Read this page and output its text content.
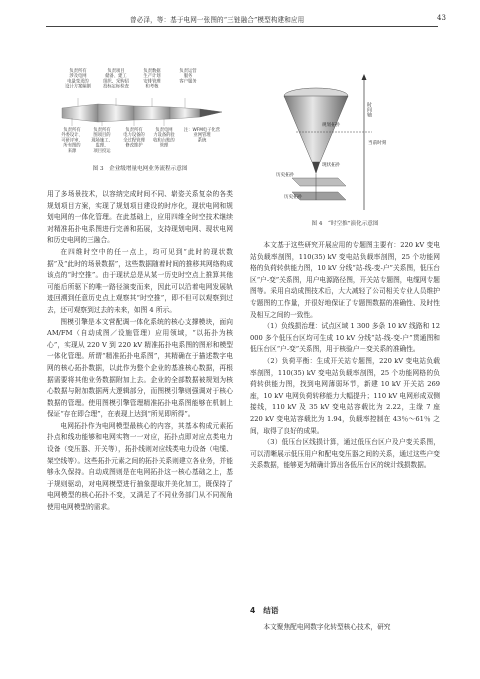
曾必泽，等：基于电网一张图的“三链融合”模型构建和应用	43
负责所有涉及电网电量变更的设计方案编制
负责项目储备、建工组织、采购招投标定标检查
负责数据生产计划安排管理和考核
负责运营服务客户服务
负责所有外委设计、可研评审、所有图的来源
负责所有图项目的现场施工、监理、项目投运
负责所有电力设备的全过程管理修改维护
负责电网力设备的验收和台账的管理
注：WFM电子化营业网管理系统
图 3　企业级增量电网业务流程示意图
时间轴
规划拓扑
当前时刻
历史拓扑
现状拓扑
历史拓扑
图 4　“时空推”演化示意图

用了多场景技术，以容纳完成时间不同、崭姿关系复杂的各类规划项目方案，实现了规划项目建设的时序化，现状电网和规划电网的一体化管理。在此基础上，应用四维全时空技术继续对精准拓扑电系图进行完善和拓展，支持现划电网、现状电网和历史电网的三融合。

在四维时空中的任一点上，均可见到“此时的现状数据”及“此时的场景数据”，这些数据随着时间的推移其网络构成该点的“时空推”。由于现状总是从某一历史时空点上推算其他可能后所驱下的唯一路径演变而来，因此可以沿着电网发展轨迹回溯到任意历史点上观察其“时空推”，即不但可以观察到过去，还可观察到过去的未来，如图 4 所示。

图模引擎是本文营配调一体化系统的核心支撑模块，面向 AM/FM（自动成图／设施管理）应用领域，“以拓扑为核心”，实现从 220 V 到 220 kV 精准拓扑电系图的图形和模型一体化管理。所谓“精准拓扑电系图”，其精确在于描述数字电网的核心拓扑数据，以此作为整个企业的基准核心数据，再根据需要将其他业务数据附加上去。企业的全部数据被规划为核心数据与附加数据两大逻辑部分，而图模引擎则强调对于核心数据的管理。使用图模引擎管理精准拓扑电系图能够在机制上保证“存在即合理”，在表现上达到“所见即所得”。

电网拓扑作为电网模型最核心的内容，其基本构成元素拓扑点和线功能够和电网实物一一对应，拓扑点即对应点类电力设备（变压器、开关等），拓扑线则对应线类电力设备（电缆、架空线等）。这些拓扑元素之间的拓扑关系则建立各业务，并能够永久保持。自动成图则是在电网拓扑这一核心基础之上，基于规则驱动，对电网模型进行抽象提取并美化加工，既保持了电网模型的核心拓扑不变，又满足了不同业务部门从不同视角使用电网模型的需求。

本文基于这些研究开展应用的专题图主要有：220 kV 变电站负载率剖图，110(35) kV 变电站负载率剖图，25 个功能网格的负荷转供能力图，10 kV 分线“站-线-变-户”关系图，低压台区“户-变”关系图，用户电源路径图，开关站专题图，电缆网专题图等。采用自动成图技术后，大大减轻了公司相关专业人员维护专题图的工作量，并很好地保证了专题图数据的准确性、及时性及相互之间的一致性。

（1）负线损治理：试点区域 1 300 多条 10 kV 线路和 12 000 多个低压台区均可生成 10 kV 分线“站-线-变-户”贯通图和低压台区“户-变”关系图，用于核验户－变关系的准确性。

（2）负荷平衡：生成开关站专题图，220 kV 变电站负载率剖图，110(35) kV 变电站负载率剖图，25 个功能网格的负荷转供能力图，找到电网薄弱环节，新建 10 kV 开关站 269 座，10 kV 电网负荷转移能力大幅提升；110 kV 电网形成双侧接线，110 kV 及 35 kV 变电站容载比为 2.22，主缘 7 座 220 kV 变电站容载比为 1.94，负载率控制在 43％～61％ 之间，取得了良好的成果。

（3）低压台区线损计算，通过低压台区户及户变关系图，可以清晰展示低压用户和配电变压器之间的关系，通过这些户变关系数据，能够更为精确计算出各低压台区的统计线损数据。

4 结语

本文聚焦配电网数字化转型核心技术，研究
